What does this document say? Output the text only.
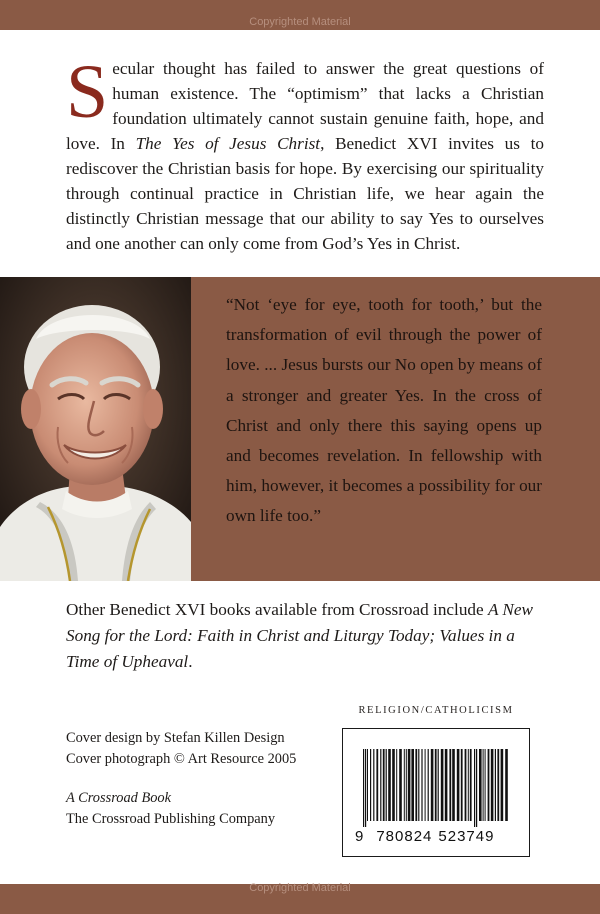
Copyrighted Material
Secular thought has failed to answer the great questions of human existence. The “optimism” that lacks a Christian foundation ultimately cannot sustain genuine faith, hope, and love. In The Yes of Jesus Christ, Benedict XVI invites us to rediscover the Christian basis for hope. By exercising our spirituality through continual practice in Christian life, we hear again the distinctly Christian message that our ability to say Yes to ourselves and one another can only come from God’s Yes in Christ.
“Not ‘eye for eye, tooth for tooth,’ but the transformation of evil through the power of love. ... Jesus bursts our No open by means of a stronger and greater Yes. In the cross of Christ and only there this saying opens up and becomes revelation. In fellowship with him, however, it becomes a possibility for our own life too.”
Other Benedict XVI books available from Crossroad include A New Song for the Lord: Faith in Christ and Liturgy Today; Values in a Time of Upheaval.
RELIGION/CATHOLICISM
Cover design by Stefan Killen Design
Cover photograph © Art Resource 2005
A Crossroad Book
The Crossroad Publishing Company
9 780824 523749
Copyrighted Material
